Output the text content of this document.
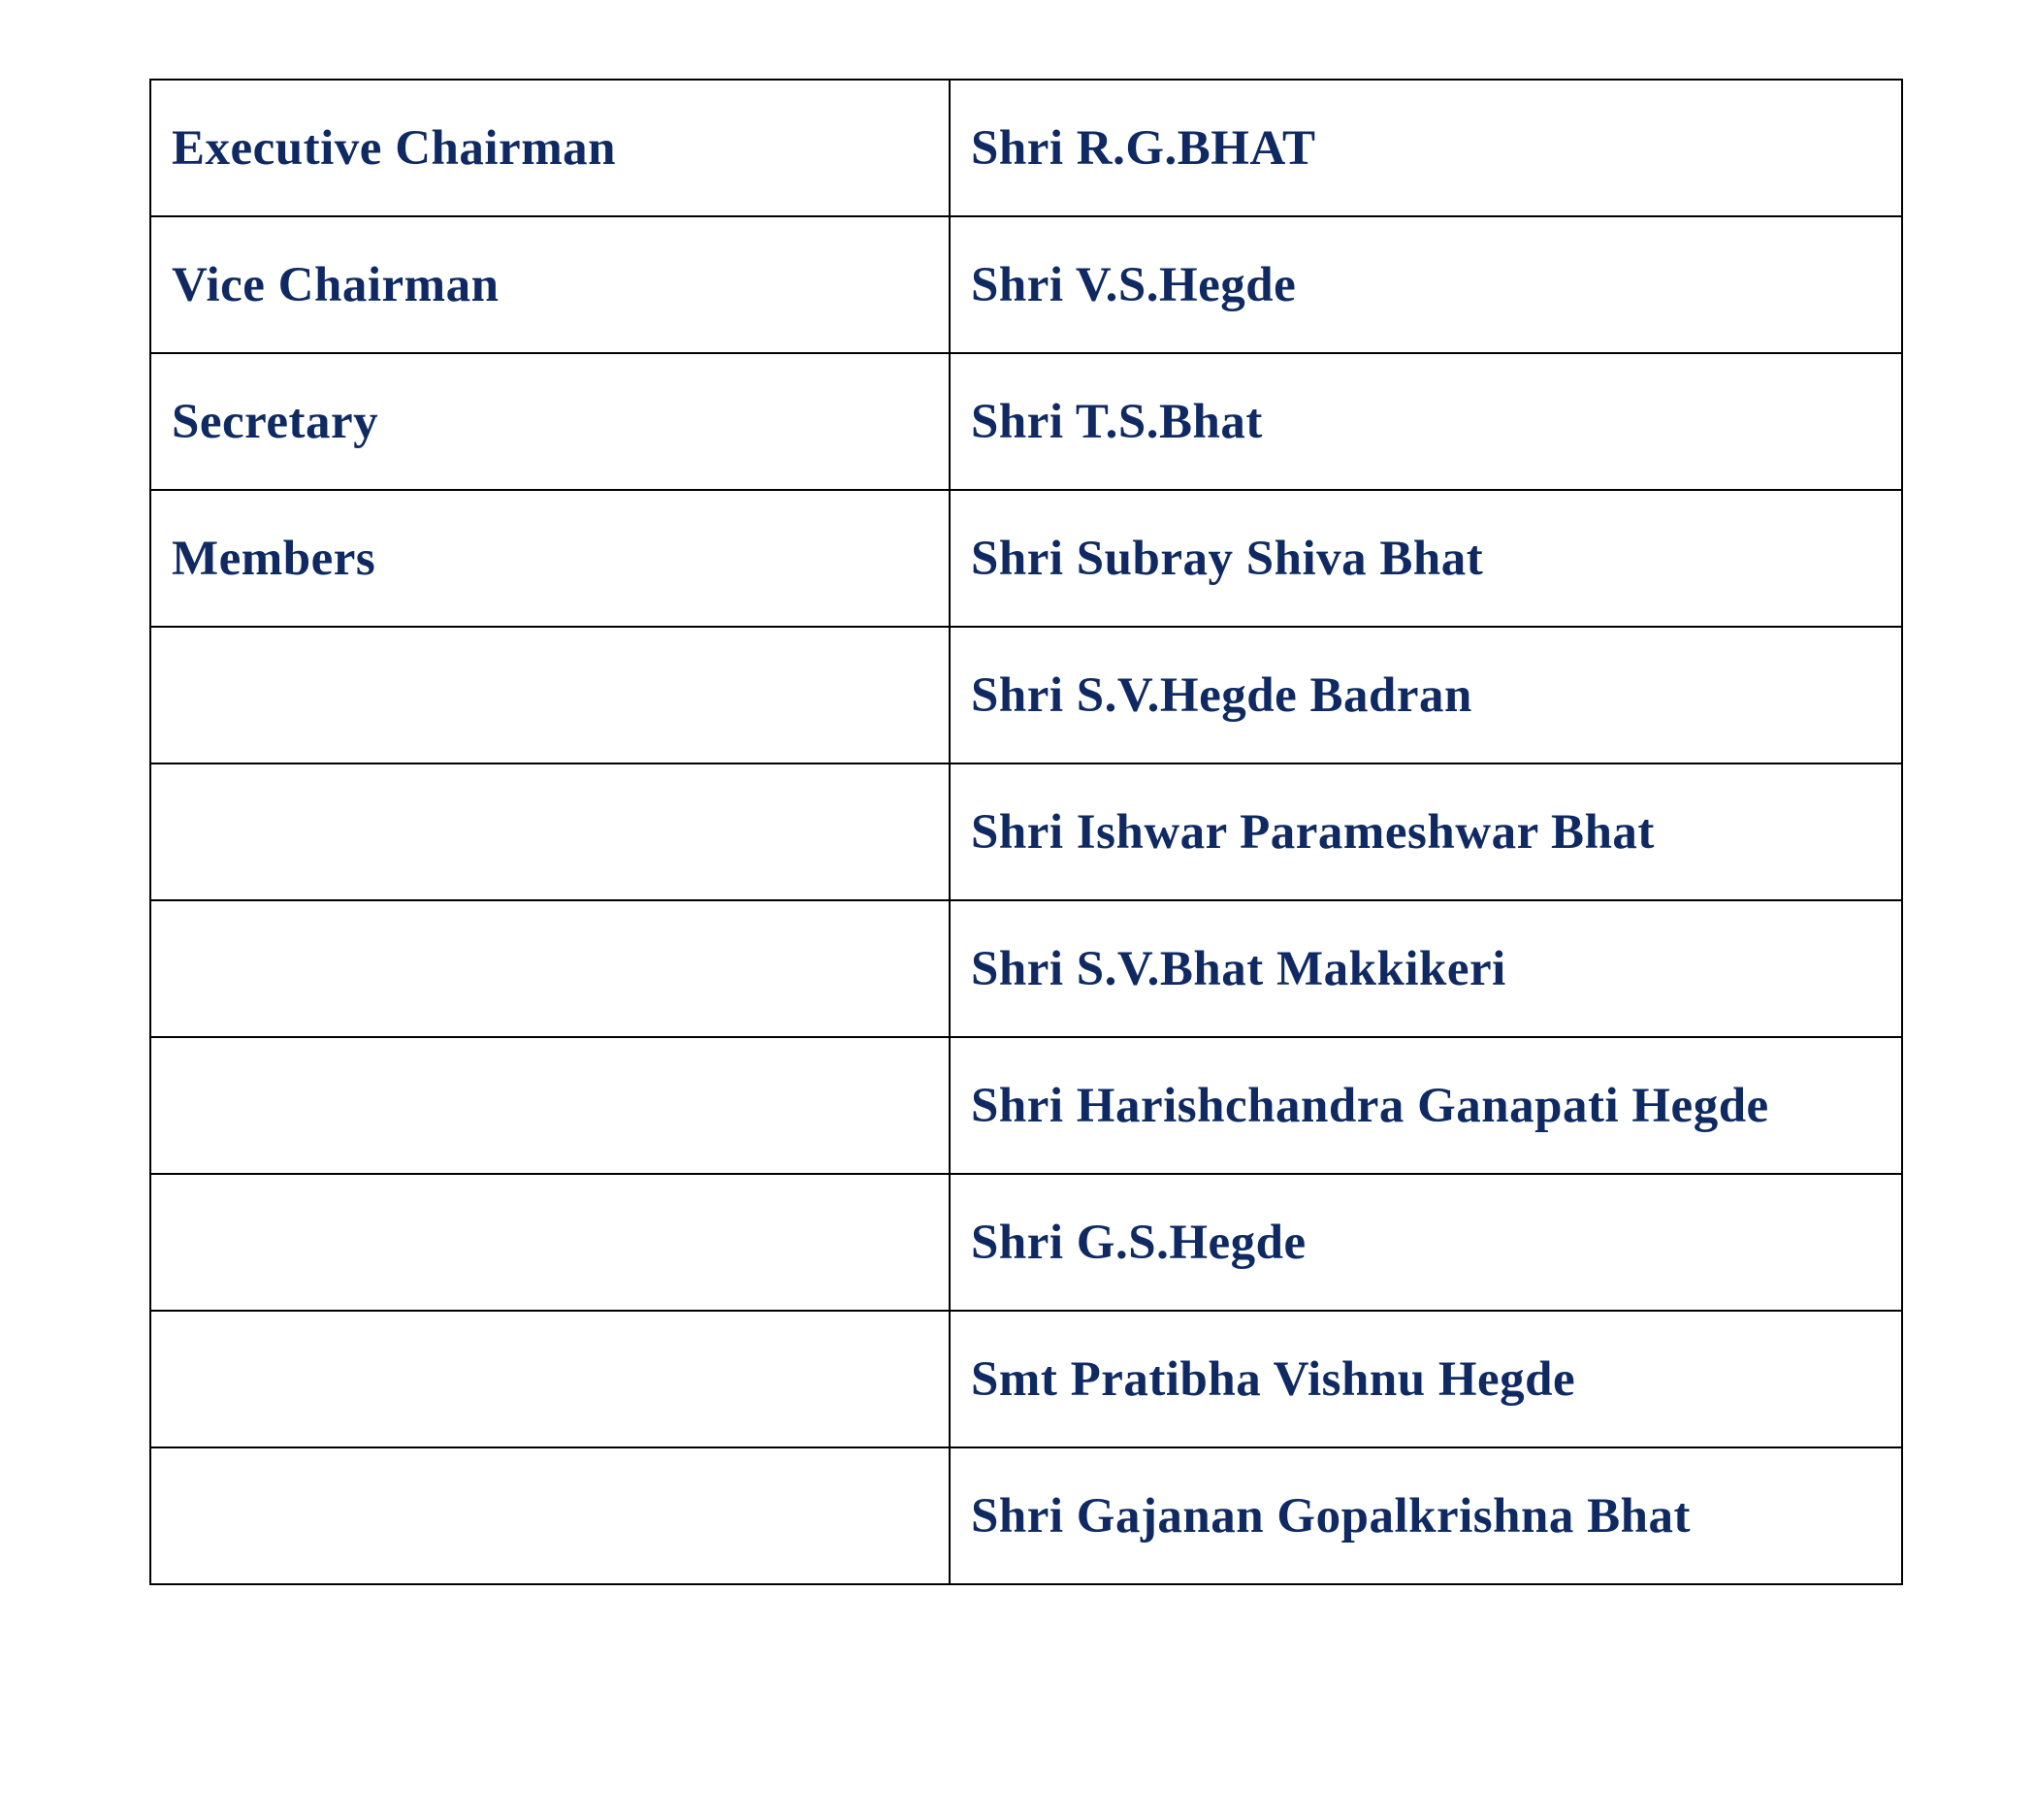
Executive Chairman	Shri R.G.BHAT
Vice Chairman	Shri V.S.Hegde
Secretary	Shri T.S.Bhat
Members	Shri Subray Shiva Bhat
	Shri S.V.Hegde Badran
	Shri Ishwar Parameshwar Bhat
	Shri S.V.Bhat Makkikeri
	Shri Harishchandra Ganapati Hegde
	Shri G.S.Hegde
	Smt Pratibha Vishnu Hegde
	Shri Gajanan Gopalkrishna Bhat
